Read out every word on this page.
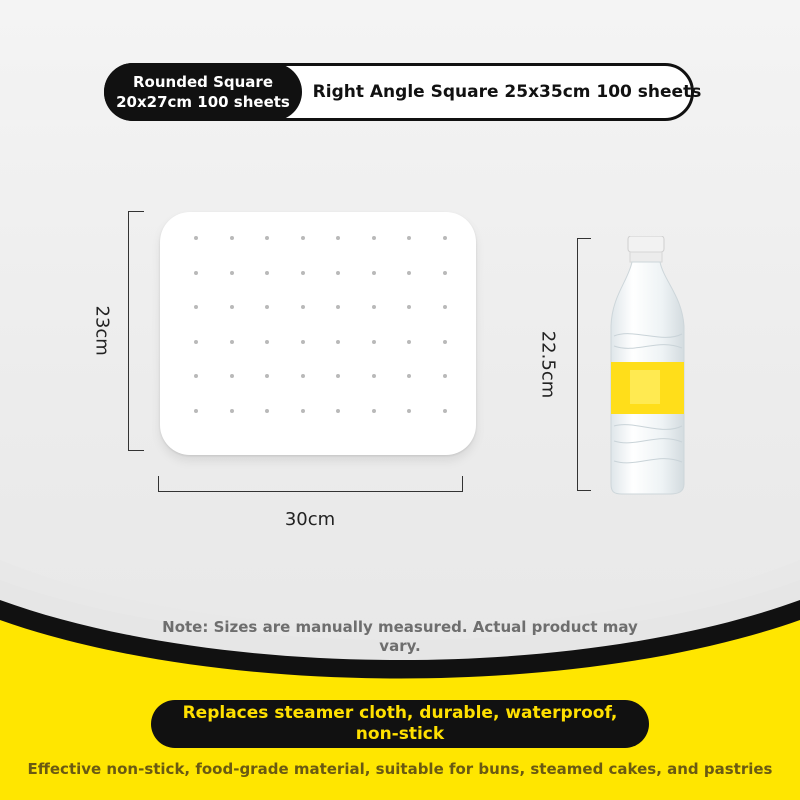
Rounded Square 20x27cm 100 sheets	Right Angle Square 25x35cm 100 sheets
23cm
30cm
22.5cm
Note: Sizes are manually measured. Actual product may vary.
Replaces steamer cloth, durable, waterproof, non-stick
Effective non-stick, food-grade material, suitable for buns, steamed cakes, and pastries
